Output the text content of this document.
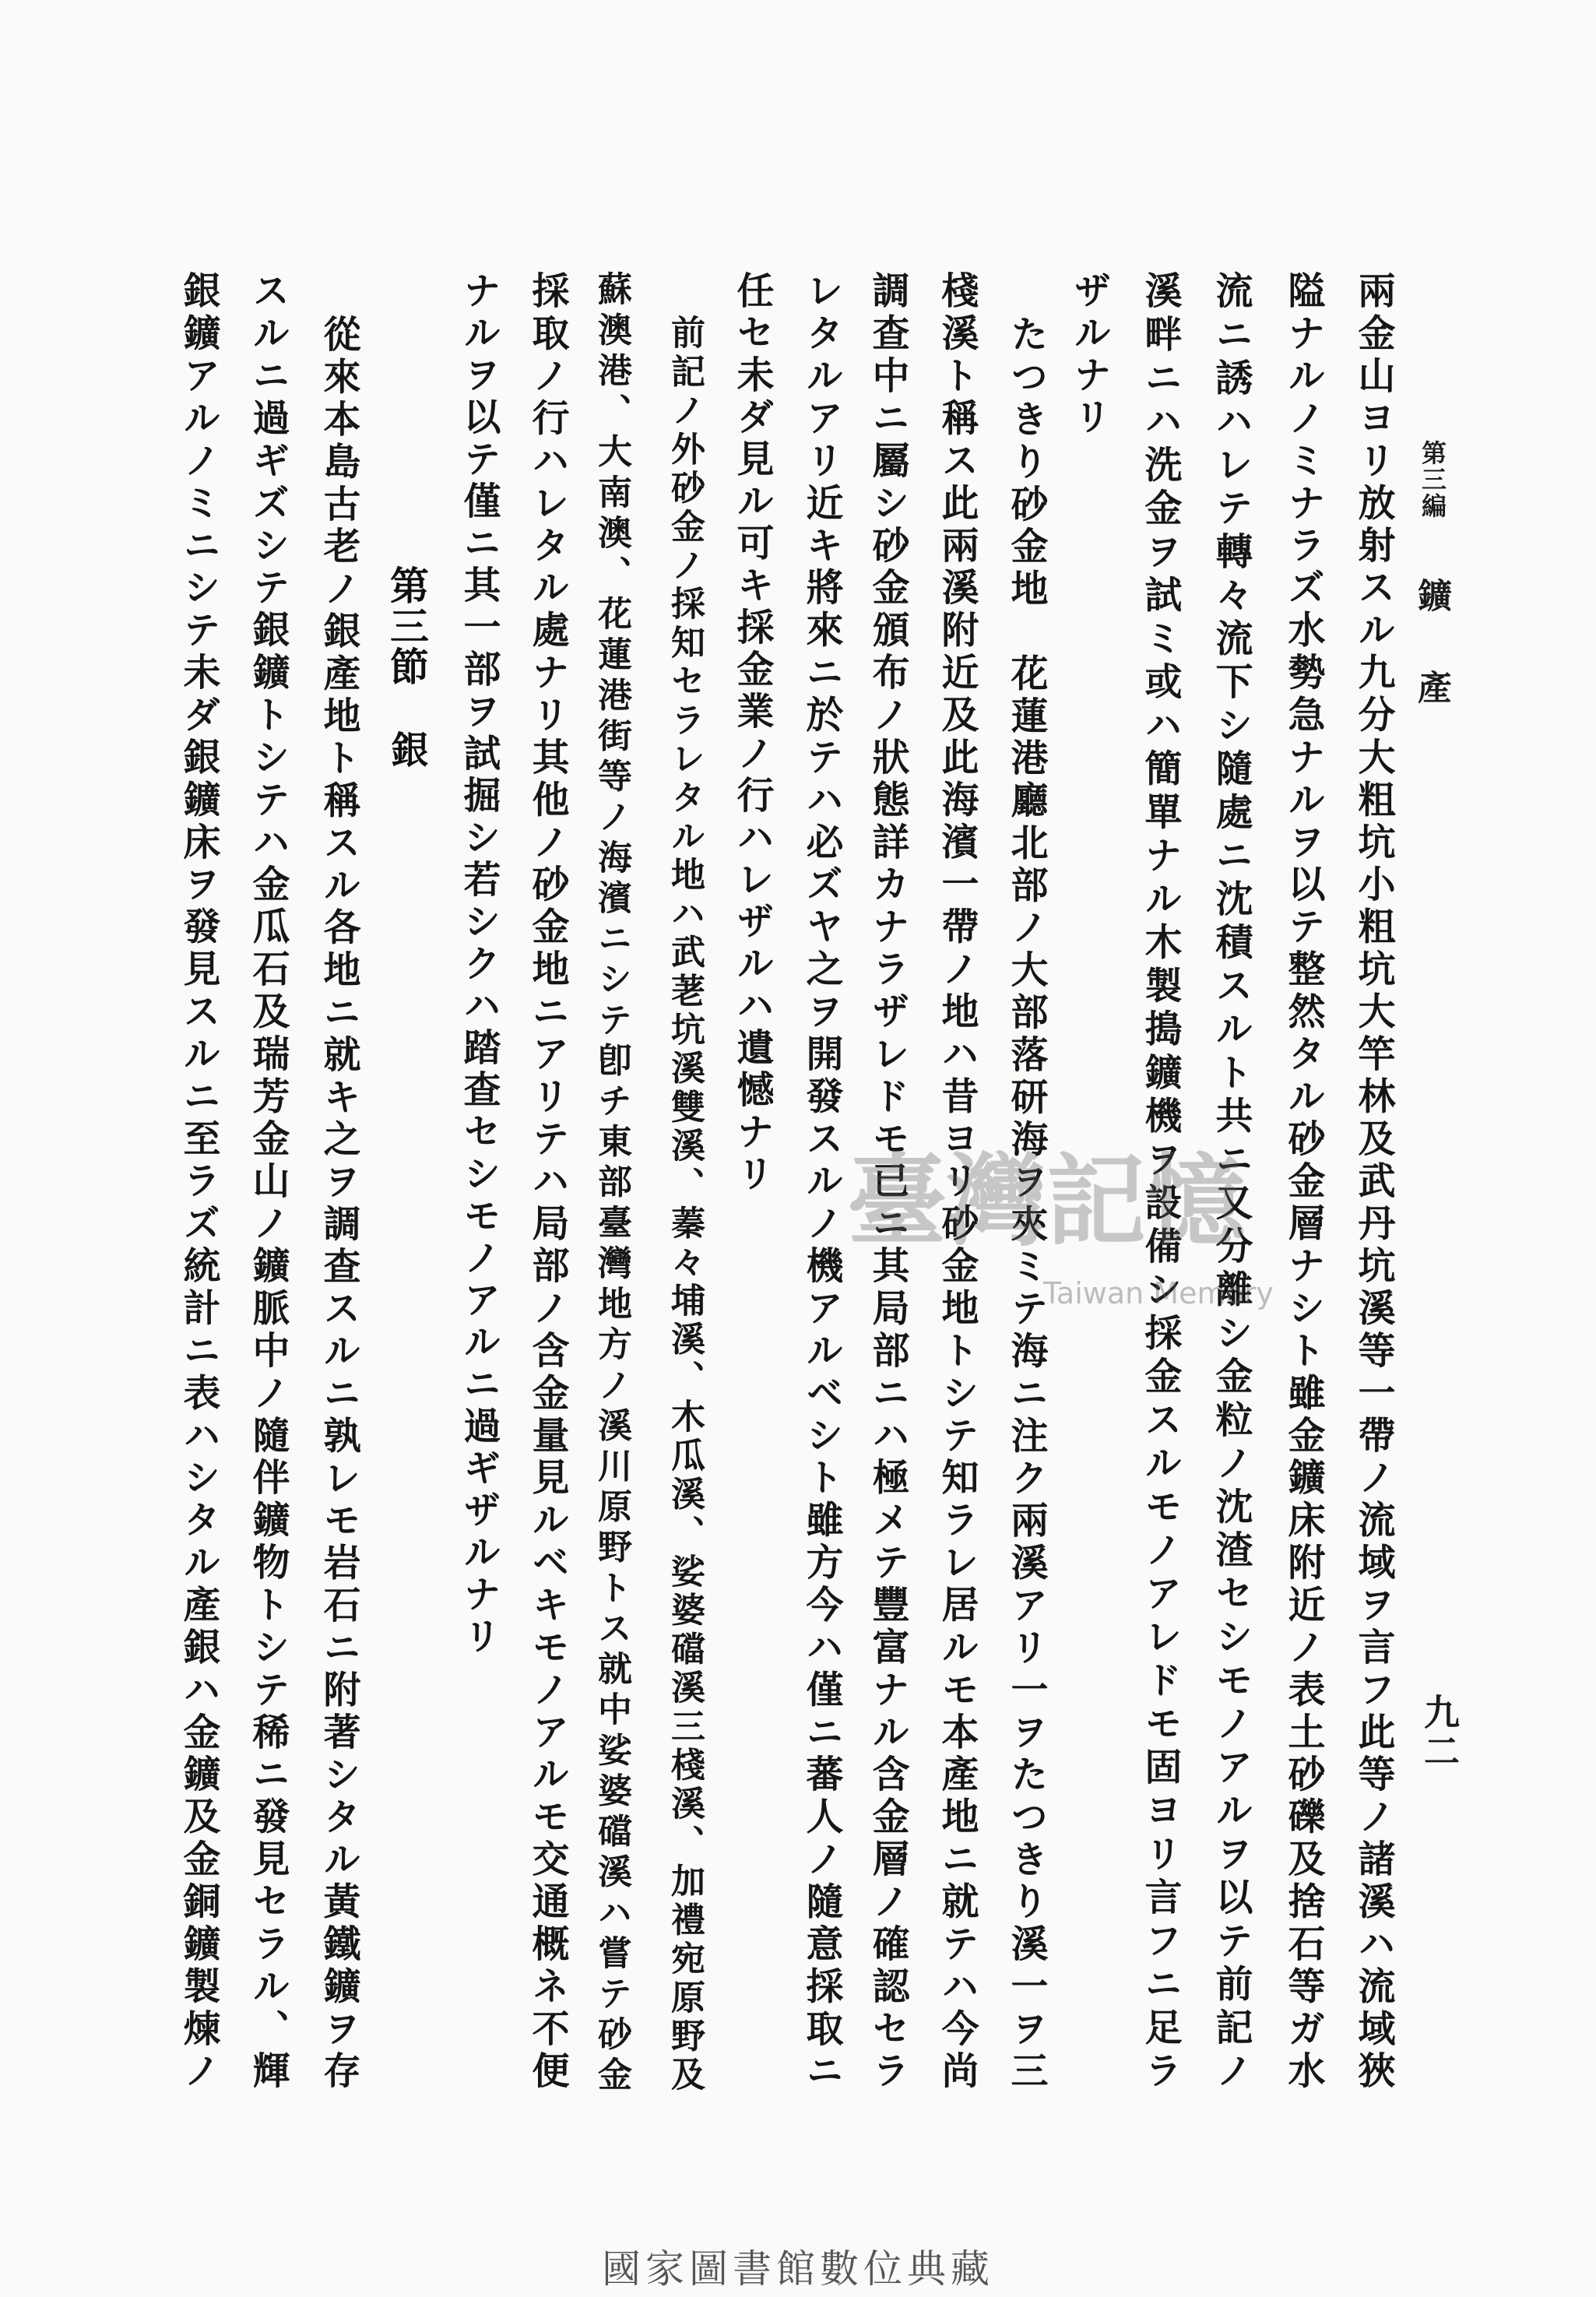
第三編
鑛
產
九二
兩金山ヨリ放射スル九分大粗坑小粗坑大竿林及武丹坑溪等一帶ノ流域ヲ言フ此等ノ諸溪ハ流域狹
隘ナルノミナラズ水勢急ナルヲ以テ整然タル砂金層ナシト雖金鑛床附近ノ表土砂礫及捨石等ガ水
流ニ誘ハレテ轉々流下シ隨處ニ沈積スルト共ニ又分離シ金粒ノ沈渣セシモノアルヲ以テ前記ノ
溪畔ニハ洗金ヲ試ミ或ハ簡單ナル木製搗鑛機ヲ設備シ採金スルモノアレドモ固ヨリ言フニ足ラ
ザルナリ
たつきり砂金地　花蓮港廳北部ノ大部落研海ヲ夾ミテ海ニ注ク兩溪アリ一ヲたつきり溪一ヲ三
棧溪ト稱ス此兩溪附近及此海濱一帶ノ地ハ昔ヨリ砂金地トシテ知ラレ居ルモ本產地ニ就テハ今尚
調查中ニ屬シ砂金頒布ノ狀態詳カナラザレドモ已ニ其局部ニハ極メテ豐富ナル含金層ノ確認セラ
レタルアリ近キ將來ニ於テハ必ズヤ之ヲ開發スルノ機アルベシト雖方今ハ僅ニ蕃人ノ隨意採取ニ
任セ未ダ見ル可キ採金業ノ行ハレザルハ遺憾ナリ
前記ノ外砂金ノ採知セラレタル地ハ武荖坑溪雙溪、蓁々埔溪、木瓜溪、娑婆礑溪三棧溪、加禮宛原野及
蘇澳港、大南澳、花蓮港街等ノ海濱ニシテ卽チ東部臺灣地方ノ溪川原野トス就中娑婆礑溪ハ嘗テ砂金
採取ノ行ハレタル處ナリ其他ノ砂金地ニアリテハ局部ノ含金量見ルベキモノアルモ交通概ネ不便
ナルヲ以テ僅ニ其一部ヲ試掘シ若シクハ踏查セシモノアルニ過ギザルナリ
第三節
銀
從來本島古老ノ銀產地ト稱スル各地ニ就キ之ヲ調查スルニ孰レモ岩石ニ附著シタル黃鐵鑛ヲ存
スルニ過ギズシテ銀鑛トシテハ金瓜石及瑞芳金山ノ鑛脈中ノ隨伴鑛物トシテ稀ニ發見セラル、輝
銀鑛アルノミニシテ未ダ銀鑛床ヲ發見スルニ至ラズ統計ニ表ハシタル產銀ハ金鑛及金銅鑛製煉ノ	臺灣記憶
Taiwan Memory
國家圖書館數位典藏
